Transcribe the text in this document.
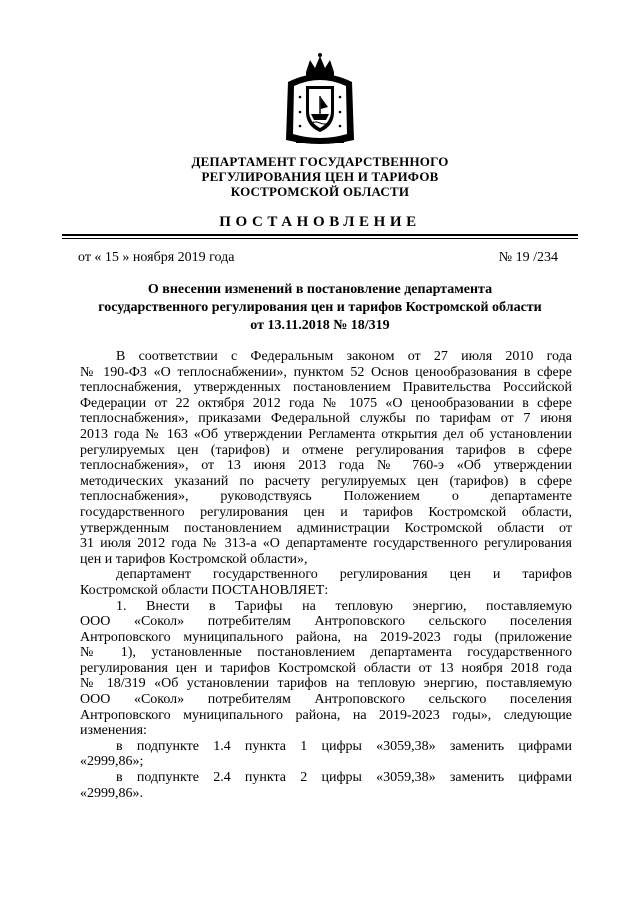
ДЕПАРТАМЕНТ ГОСУДАРСТВЕННОГО
РЕГУЛИРОВАНИЯ ЦЕН И ТАРИФОВ
КОСТРОМСКОЙ ОБЛАСТИ
ПОСТАНОВЛЕНИЕ
от « 15 » ноября 2019 года	№ 19 /234
О внесении изменений в постановление департамента
государственного регулирования цен и тарифов Костромской области
от 13.11.2018 № 18/319
В соответствии с Федеральным законом от 27 июля 2010 года
№ 190-ФЗ «О теплоснабжении», пунктом 52 Основ ценообразования в сфере
теплоснабжения, утвержденных постановлением Правительства Российской
Федерации от 22 октября 2012 года № 1075 «О ценообразовании в сфере
теплоснабжения», приказами Федеральной службы по тарифам от 7 июня
2013 года № 163 «Об утверждении Регламента открытия дел об установлении
регулируемых цен (тарифов) и отмене регулирования тарифов в сфере
теплоснабжения», от 13 июня 2013 года № 760-э «Об утверждении
методических указаний по расчету регулируемых цен (тарифов) в сфере
теплоснабжения», руководствуясь Положением о департаменте
государственного регулирования цен и тарифов Костромской области,
утвержденным постановлением администрации Костромской области от
31 июля 2012 года № 313-а «О департаменте государственного регулирования
цен и тарифов Костромской области»,
департамент государственного регулирования цен и тарифов
Костромской области ПОСТАНОВЛЯЕТ:
1. Внести в Тарифы на тепловую энергию, поставляемую
ООО «Сокол» потребителям Антроповского сельского поселения
Антроповского муниципального района, на 2019-2023 годы (приложение
№ 1), установленные постановлением департамента государственного
регулирования цен и тарифов Костромской области от 13 ноября 2018 года
№ 18/319 «Об установлении тарифов на тепловую энергию, поставляемую
ООО «Сокол» потребителям Антроповского сельского поселения
Антроповского муниципального района, на 2019-2023 годы», следующие
изменения:
в подпункте 1.4 пункта 1 цифры «3059,38» заменить цифрами
«2999,86»;
в подпункте 2.4 пункта 2 цифры «3059,38» заменить цифрами
«2999,86».
